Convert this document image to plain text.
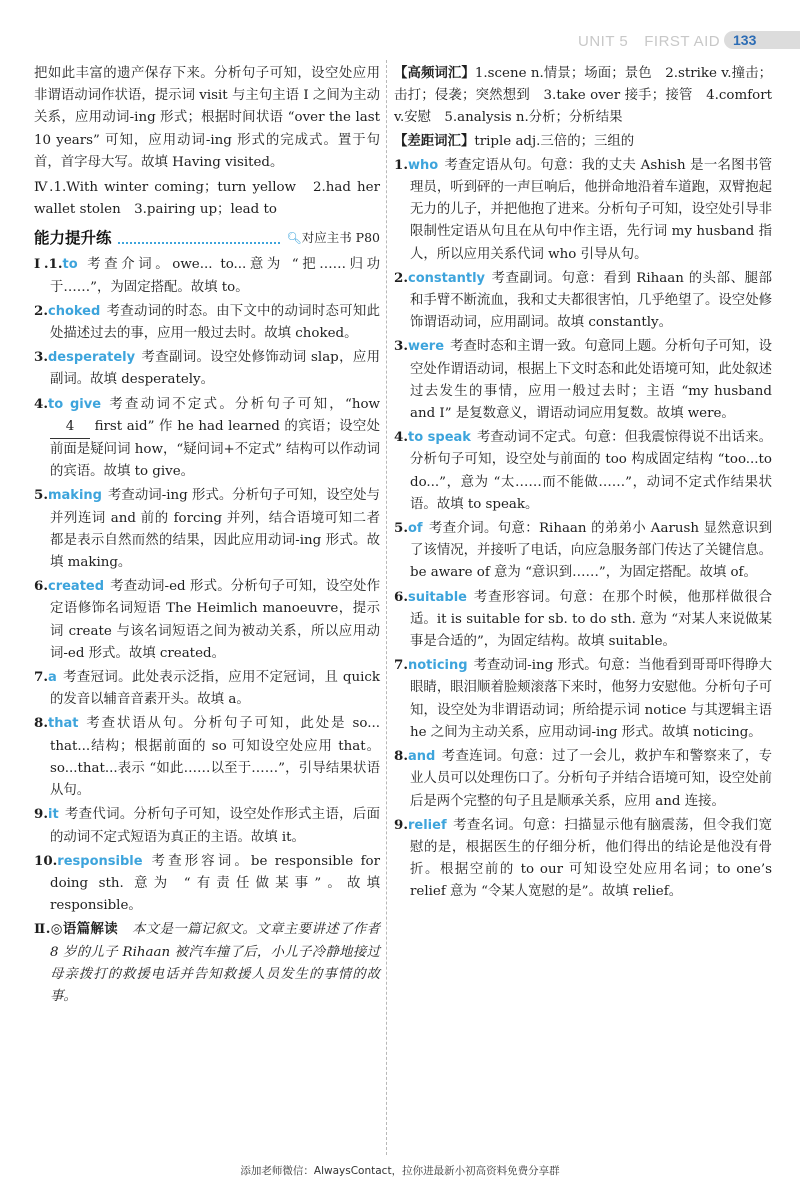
UNIT 5 FIRST AID 133

把如此丰富的遗产保存下来。分析句子可知，设空处应用非谓语动词作状语，提示词 visit 与主句主语 I 之间为主动关系，应用动词-ing 形式；根据时间状语 “over the last 10 years” 可知，应用动词-ing 形式的完成式。置于句首，首字母大写。故填 Having visited。

Ⅳ.1.With winter coming；turn yellow　2.had her wallet stolen　3.pairing up；lead to

能力提升练	🔍︎ 对应主书 P80

Ⅰ.1.to 考查介词。owe... to...意为 “把……归功于……”，为固定搭配。故填 to。

2.choked 考查动词的时态。由下文中的动词时态可知此处描述过去的事，应用一般过去时。故填 choked。

3.desperately 考查副词。设空处修饰动词 slap，应用副词。故填 desperately。

4.to give 考查动词不定式。分析句子可知，“how 4 first aid” 作 he had learned 的宾语；设空处前面是疑问词 how，“疑问词+不定式” 结构可以作动词的宾语。故填 to give。

5.making 考查动词-ing 形式。分析句子可知，设空处与并列连词 and 前的 forcing 并列，结合语境可知二者都是表示自然而然的结果，因此应用动词-ing 形式。故填 making。

6.created 考查动词-ed 形式。分析句子可知，设空处作定语修饰名词短语 The Heimlich manoeuvre，提示词 create 与该名词短语之间为被动关系，所以应用动词-ed 形式。故填 created。

7.a 考查冠词。此处表示泛指，应用不定冠词，且 quick 的发音以辅音音素开头。故填 a。

8.that 考查状语从句。分析句子可知，此处是 so... that...结构；根据前面的 so 可知设空处应用 that。so...that...表示 “如此……以至于……”，引导结果状语从句。

9.it 考查代词。分析句子可知，设空处作形式主语，后面的动词不定式短语为真正的主语。故填 it。

10.responsible 考查形容词。be responsible for doing sth. 意为 “有责任做某事”。故填 responsible。

Ⅱ.◎语篇解读　 本文是一篇记叙文。文章主要讲述了作者 8 岁的儿子 Rihaan 被汽车撞了后，小儿子冷静地接过母亲拨打的救援电话并告知救援人员发生的事情的故事。

【高频词汇】1.scene n.情景；场面；景色　2.strike v.撞击；击打；侵袭；突然想到　3.take over 接手；接管　4.comfort v.安慰　5.analysis n.分析；分析结果

【差距词汇】triple adj.三倍的；三组的

1.who 考查定语从句。句意：我的丈夫 Ashish 是一名图书管理员，听到砰的一声巨响后，他拼命地沿着车道跑，双臂抱起无力的儿子，并把他抱了进来。分析句子可知，设空处引导非限制性定语从句且在从句中作主语，先行词 my husband 指人，所以应用关系代词 who 引导从句。

2.constantly 考查副词。句意：看到 Rihaan 的头部、腿部和手臂不断流血，我和丈夫都很害怕，几乎绝望了。设空处修饰谓语动词，应用副词。故填 constantly。

3.were 考查时态和主谓一致。句意同上题。分析句子可知，设空处作谓语动词，根据上下文时态和此处语境可知，此处叙述过去发生的事情，应用一般过去时；主语 “my husband and I” 是复数意义，谓语动词应用复数。故填 were。

4.to speak 考查动词不定式。句意：但我震惊得说不出话来。分析句子可知，设空处与前面的 too 构成固定结构 “too...to do...”，意为 “太……而不能做……”，动词不定式作结果状语。故填 to speak。

5.of 考查介词。句意：Rihaan 的弟弟小 Aarush 显然意识到了该情况，并接听了电话，向应急服务部门传达了关键信息。be aware of 意为 “意识到……”，为固定搭配。故填 of。

6.suitable 考查形容词。句意：在那个时候，他那样做很合适。it is suitable for sb. to do sth. 意为 “对某人来说做某事是合适的”，为固定结构。故填 suitable。

7.noticing 考查动词-ing 形式。句意：当他看到哥哥吓得睁大眼睛，眼泪顺着脸颊滚落下来时，他努力安慰他。分析句子可知，设空处为非谓语动词；所给提示词 notice 与其逻辑主语 he 之间为主动关系，应用动词-ing 形式。故填 noticing。

8.and 考查连词。句意：过了一会儿，救护车和警察来了，专业人员可以处理伤口了。分析句子并结合语境可知，设空处前后是两个完整的句子且是顺承关系，应用 and 连接。

9.relief 考查名词。句意：扫描显示他有脑震荡，但令我们宽慰的是，根据医生的仔细分析，他们得出的结论是他没有骨折。根据空前的 to our 可知设空处应用名词；to one’s relief 意为 “令某人宽慰的是”。故填 relief。

添加老师微信：AlwaysContact，拉你进最新小初高资料免费分享群
